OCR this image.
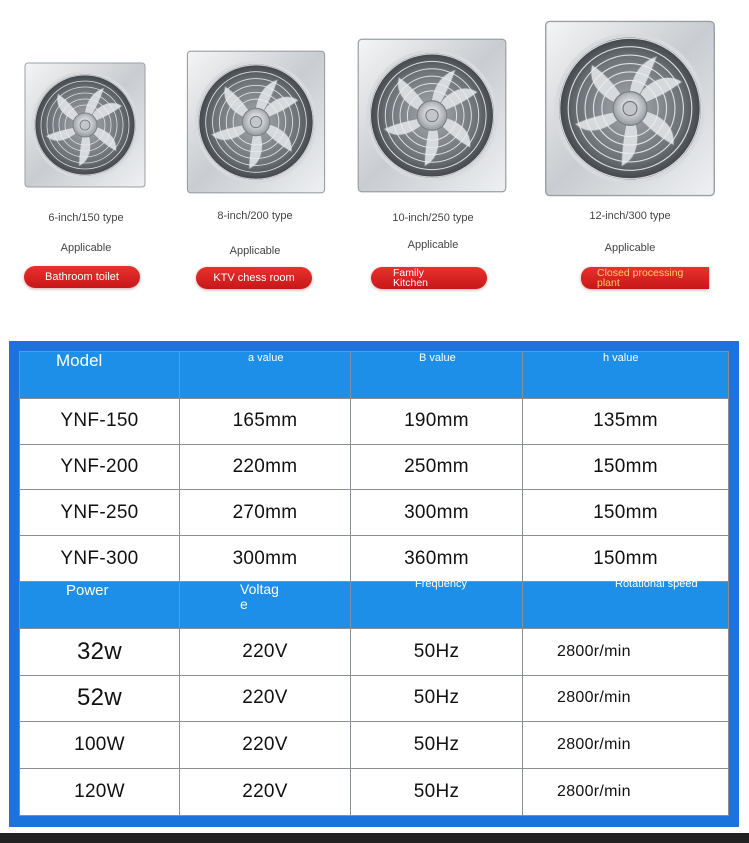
6-inch/150 type
Applicable
Bathroom toilet
8-inch/200 type
Applicable
KTV chess room
10-inch/250 type
Applicable
Family Kitchen
12-inch/300 type
Applicable
Closed processing plant
Model	a value	B value	h value

YNF-150	165mm	190mm	135mm
YNF-200	220mm	250mm	150mm
YNF-250	270mm	300mm	150mm
YNF-300	300mm	360mm	150mm

Power	Voltage	Frequency	Rotational speed

32w	220V	50Hz	2800r/min
52w	220V	50Hz	2800r/min
100W	220V	50Hz	2800r/min
120W	220V	50Hz	2800r/min
